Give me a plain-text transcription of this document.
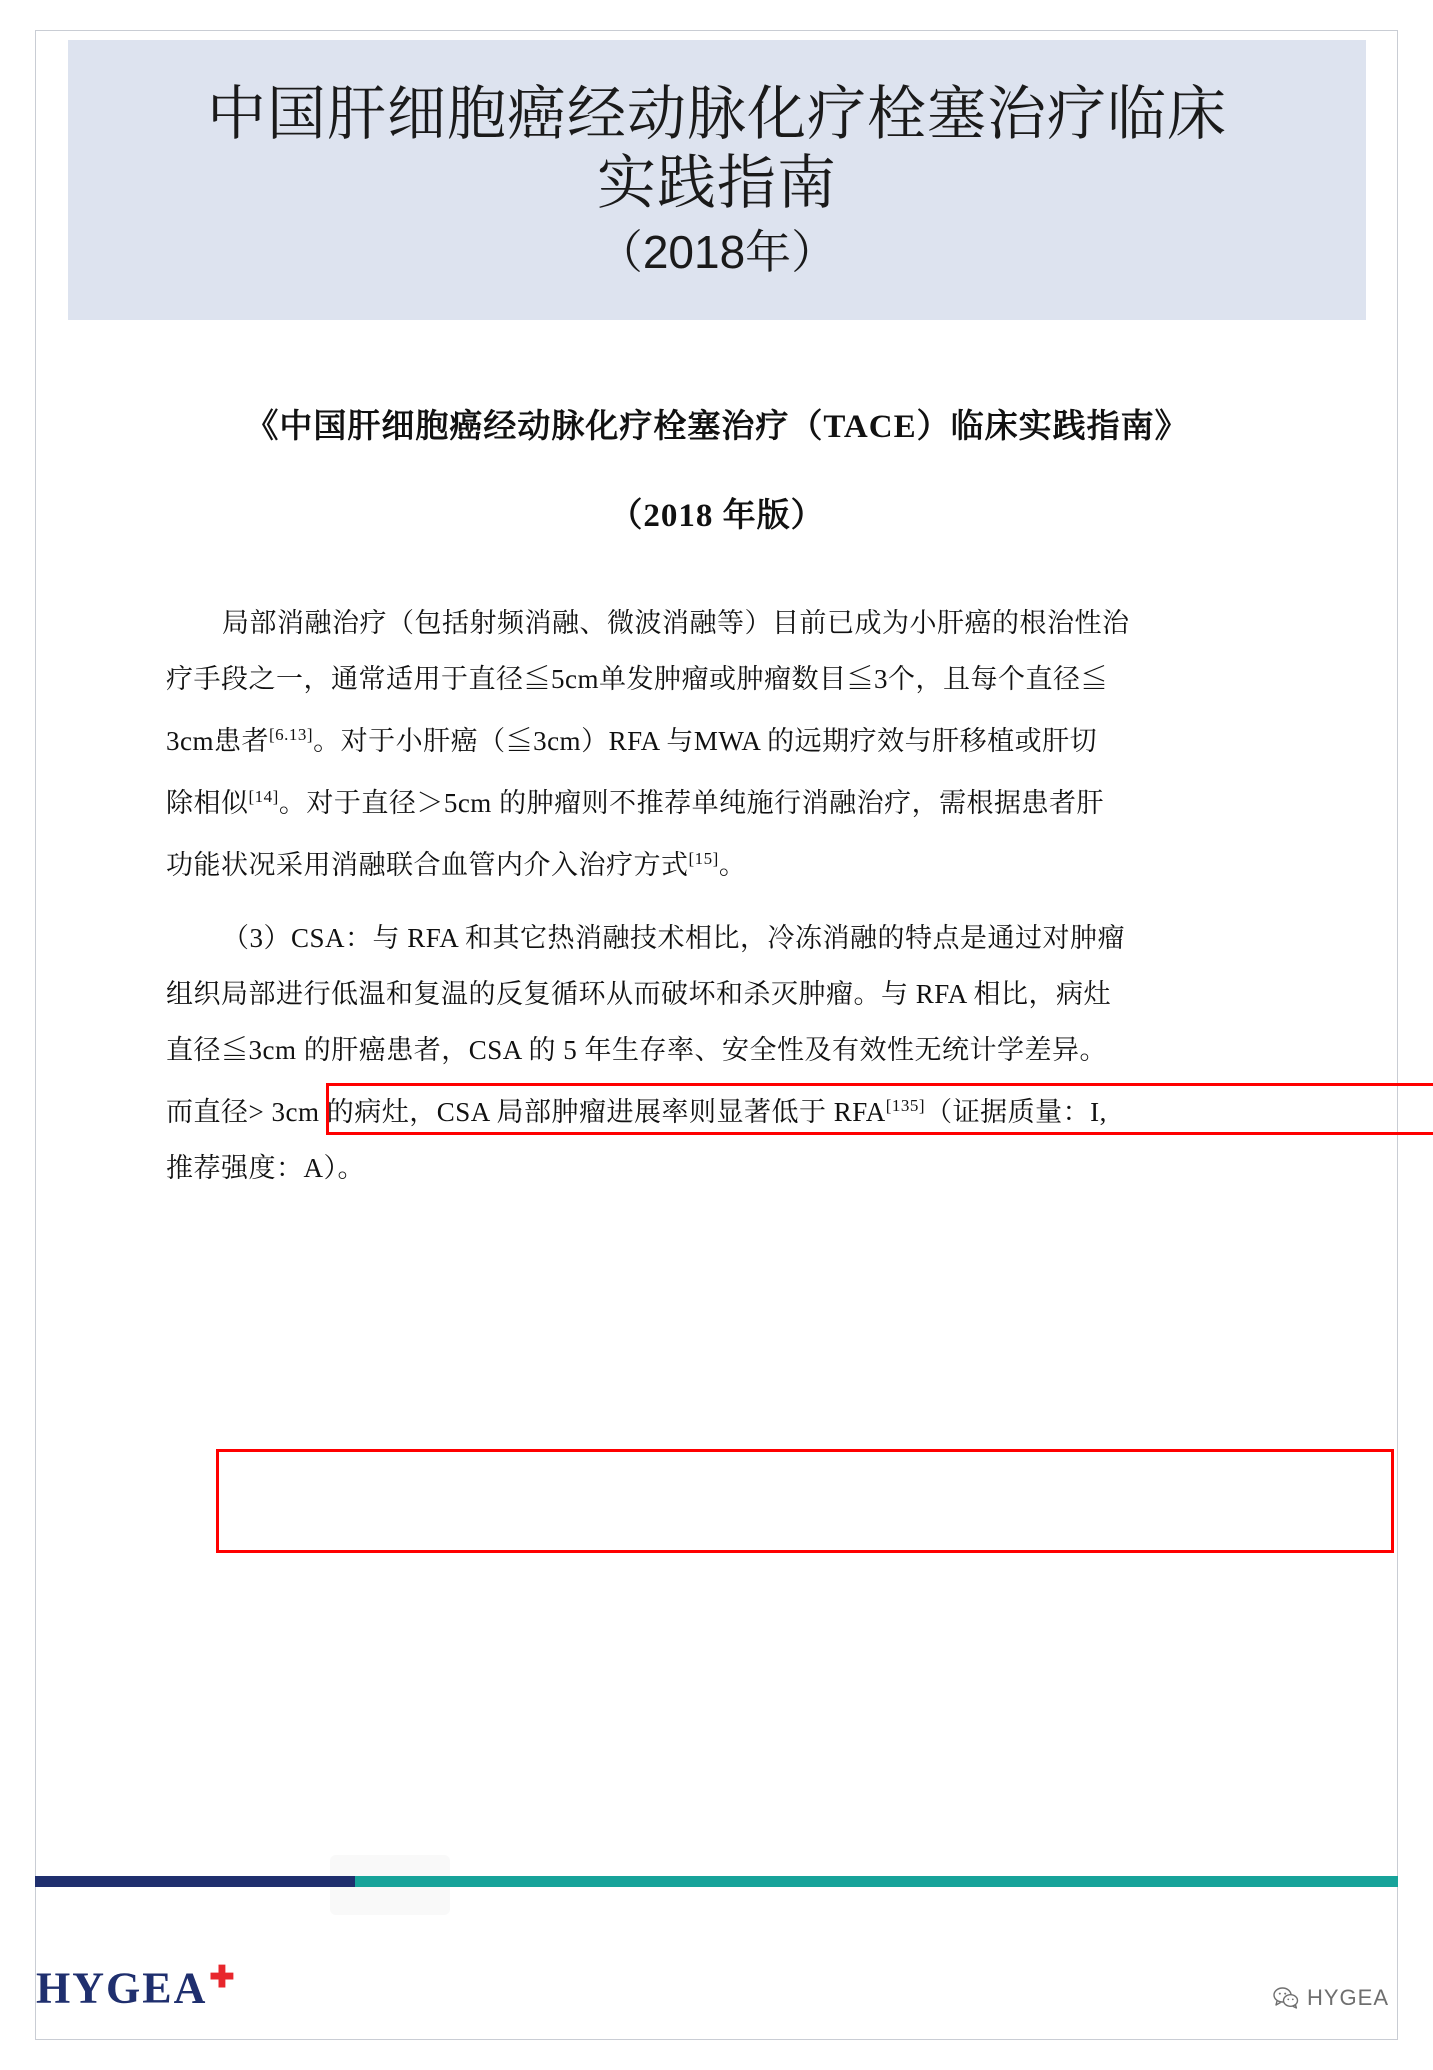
中国肝细胞癌经动脉化疗栓塞治疗临床
实践指南
（2018年）
《中国肝细胞癌经动脉化疗栓塞治疗（TACE）临床实践指南》
（2018 年版）
局部消融治疗（包括射频消融、微波消融等）目前已成为小肝癌的根治性治
疗手段之一，通常适用于直径≦5cm单发肿瘤或肿瘤数目≦3个，且每个直径≦
3cm患者[6.13]。对于小肝癌（≦3cm）RFA 与MWA 的远期疗效与肝移植或肝切
除相似[14]。对于直径＞5cm 的肿瘤则不推荐单纯施行消融治疗，需根据患者肝
功能状况采用消融联合血管内介入治疗方式[15]。
（3）CSA：与 RFA 和其它热消融技术相比，冷冻消融的特点是通过对肿瘤
组织局部进行低温和复温的反复循环从而破坏和杀灭肿瘤。与 RFA 相比，病灶
直径≦3cm 的肝癌患者，CSA 的 5 年生存率、安全性及有效性无统计学差异。
而直径> 3cm 的病灶，CSA 局部肿瘤进展率则显著低于 RFA[135]（证据质量：I,
推荐强度：A）。
HYGEA✚
HYGEA
